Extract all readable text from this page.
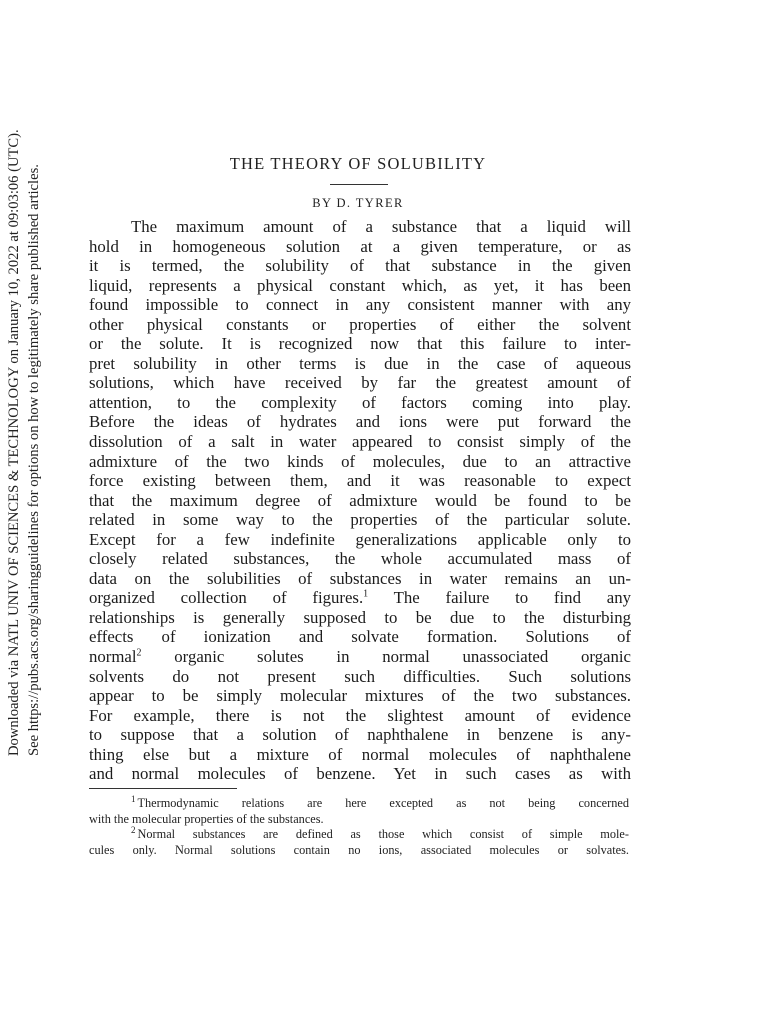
Downloaded via NATL UNIV OF SCIENCES & TECHNOLOGY on January 10, 2022 at 09:03:06 (UTC). See https://pubs.acs.org/sharingguidelines for options on how to legitimately share published articles.
THE THEORY OF SOLUBILITY
BY D. TYRER
The maximum amount of a substance that a liquid will
hold in homogeneous solution at a given temperature, or as
it is termed, the solubility of that substance in the given
liquid, represents a physical constant which, as yet, it has been
found impossible to connect in any consistent manner with any
other physical constants or properties of either the solvent
or the solute. It is recognized now that this failure to inter-
pret solubility in other terms is due in the case of aqueous
solutions, which have received by far the greatest amount of
attention, to the complexity of factors coming into play.
Before the ideas of hydrates and ions were put forward the
dissolution of a salt in water appeared to consist simply of the
admixture of the two kinds of molecules, due to an attractive
force existing between them, and it was reasonable to expect
that the maximum degree of admixture would be found to be
related in some way to the properties of the particular solute.
Except for a few indefinite generalizations applicable only to
closely related substances, the whole accumulated mass of
data on the solubilities of substances in water remains an un-
organized collection of figures.$^1$ The failure to find any
relationships is generally supposed to be due to the disturbing
effects of ionization and solvate formation. Solutions of
normal$^2$ organic solutes in normal unassociated organic
solvents do not present such difficulties. Such solutions
appear to be simply molecular mixtures of the two substances.
For example, there is not the slightest amount of evidence
to suppose that a solution of naphthalene in benzene is any-
thing else but a mixture of normal molecules of naphthalene
and normal molecules of benzene. Yet in such cases as with
$^1$ Thermodynamic relations are here excepted as not being concerned
with the molecular properties of the substances.
$^2$ Normal substances are defined as those which consist of simple mole-
cules only. Normal solutions contain no ions, associated molecules or solvates.
